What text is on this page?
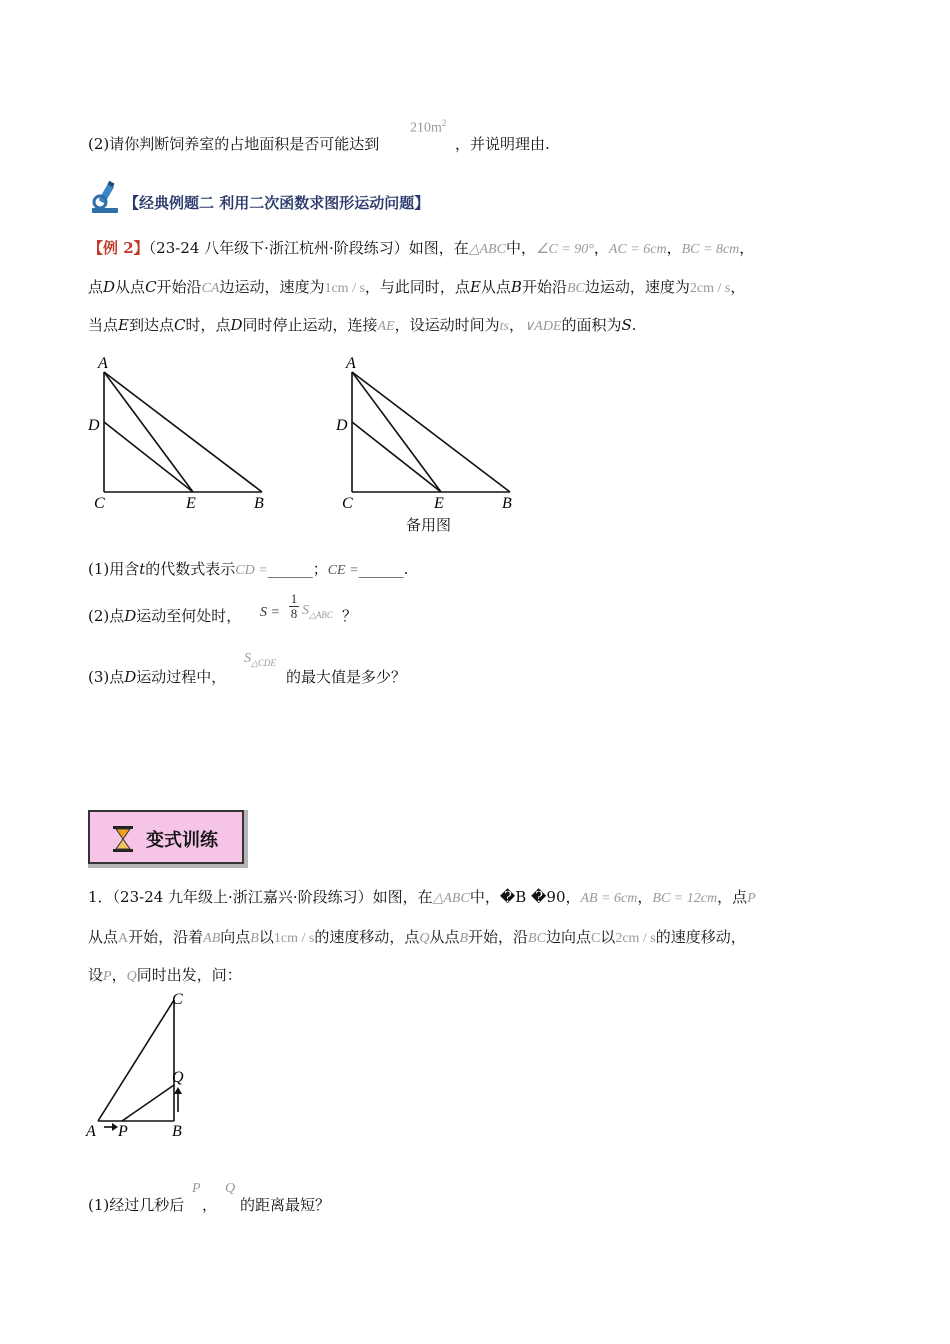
(2)请你判断饲养室的占地面积是否可能达到
$210m^2$
，并说明理由.
【经典例题二 利用二次函数求图形运动问题】
【例 2】（23-24 八年级下·浙江杭州·阶段练习）如图，在△ABC中，∠C = 90°，AC = 6cm，BC = 8cm，
点D从点C开始沿CA边运动，速度为1cm / s，与此同时，点E从点B开始沿BC边运动，速度为2cm / s，
当点E到达点C时，点D同时停止运动，连接AE，设运动时间为ts，∨ADE的面积为S.
A
D
C	E	B
A
D
C	E	B
备用图
(1)用含t的代数式表示CD =______；CE =______.
(2)点D运动至何处时， S =
1
8 $S_{\triangle ABC}$ ？
(3)点D运动过程中，
$S_{\triangle CDE}$
的最大值是多少？
变式训练
1．（23-24 九年级上·浙江嘉兴·阶段练习）如图，在△ABC中，�B �90，AB = 6cm，BC = 12cm，点P
从点A开始，沿着AB向点B以1cm / s的速度移动，点Q从点B开始，沿BC边向点C以2cm / s的速度移动，
设P，Q同时出发，问：
C
Q
A P	B
(1)经过几秒后
P
，
Q
的距离最短？
